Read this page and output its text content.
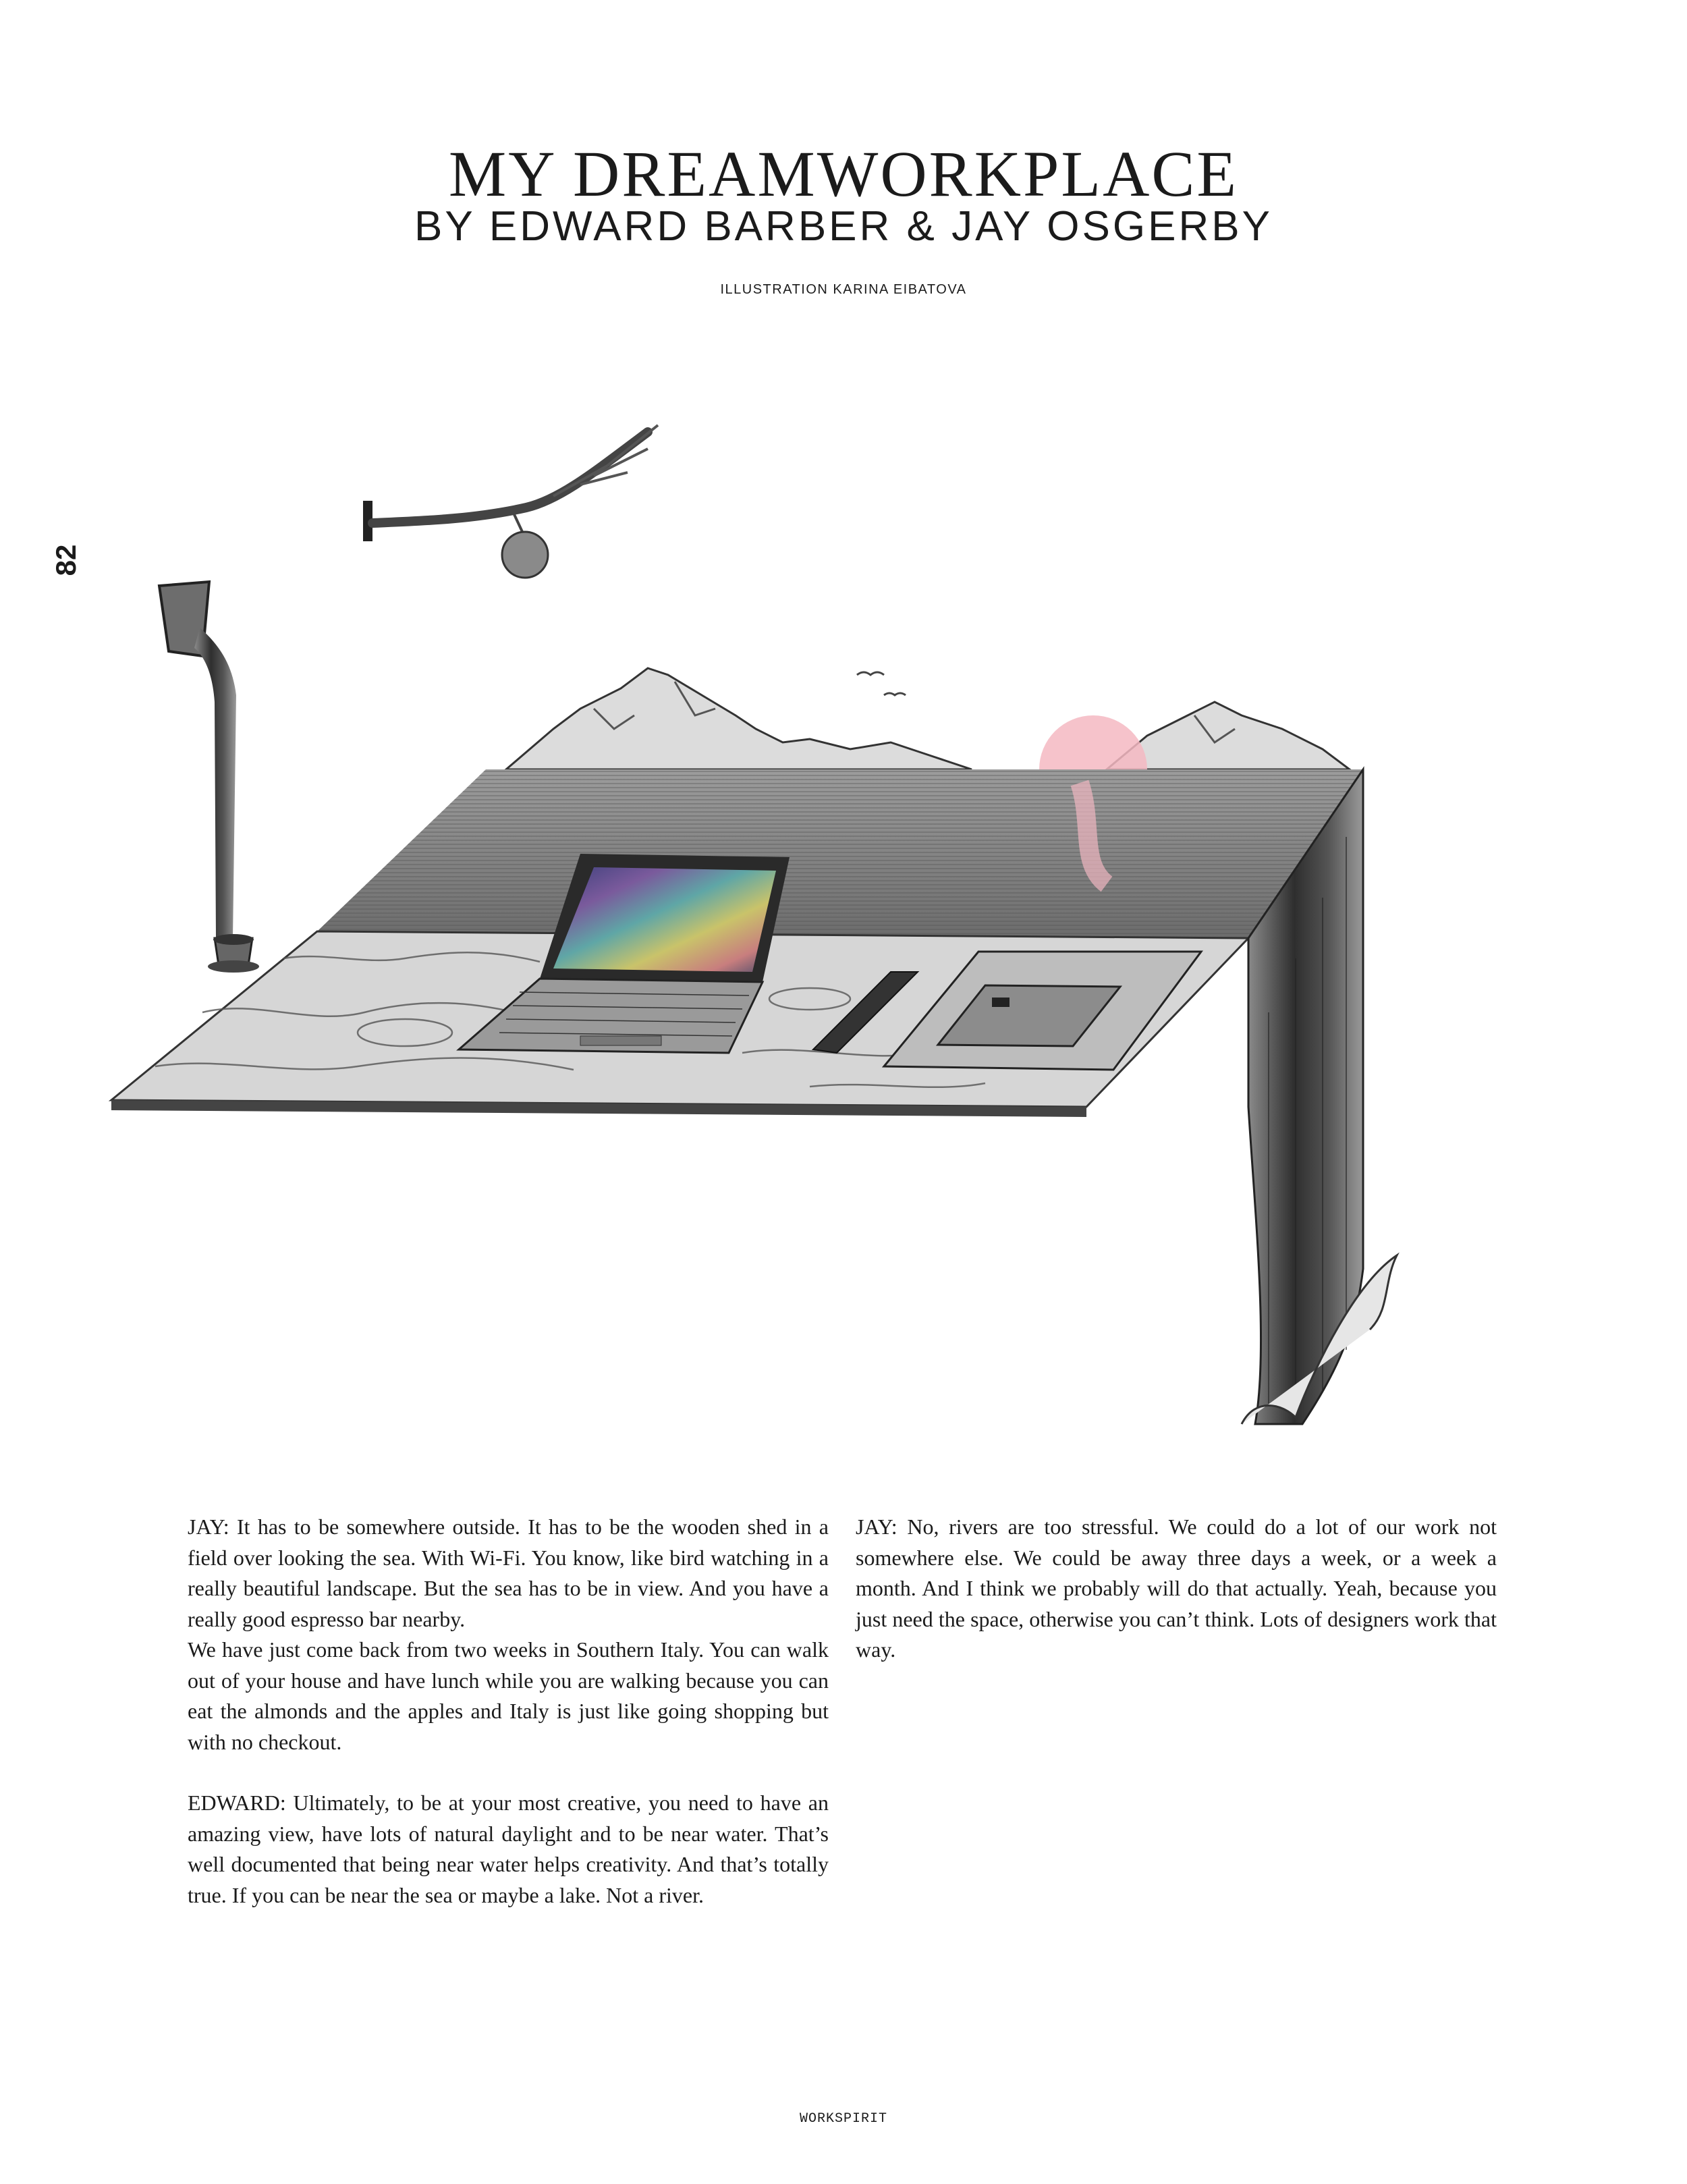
MY DREAMWORKPLACE
BY EDWARD BARBER & JAY OSGERBY
ILLUSTRATION KARINA EIBATOVA
82

JAY: It has to be somewhere outside. It has to be the wooden shed in a field over looking the sea. With Wi-Fi. You know, like bird watching in a really beautiful landscape. But the sea has to be in view. And you have a really good espresso bar nearby.

We have just come back from two weeks in Southern Italy. You can walk out of your house and have lunch while you are walking because you can eat the almonds and the apples and Italy is just like going shopping but with no checkout.

EDWARD: Ultimately, to be at your most creative, you need to have an amazing view, have lots of natural daylight and to be near water. That’s well documented that being near water helps creativity. And that’s totally true. If you can be near the sea or maybe a lake. Not a river.

JAY: No, rivers are too stressful. We could do a lot of our work not somewhere else. We could be away three days a week, or a week a month. And I think we probably will do that actually. Yeah, because you just need the space, otherwise you can’t think. Lots of designers work that way.

WORKSPIRIT
